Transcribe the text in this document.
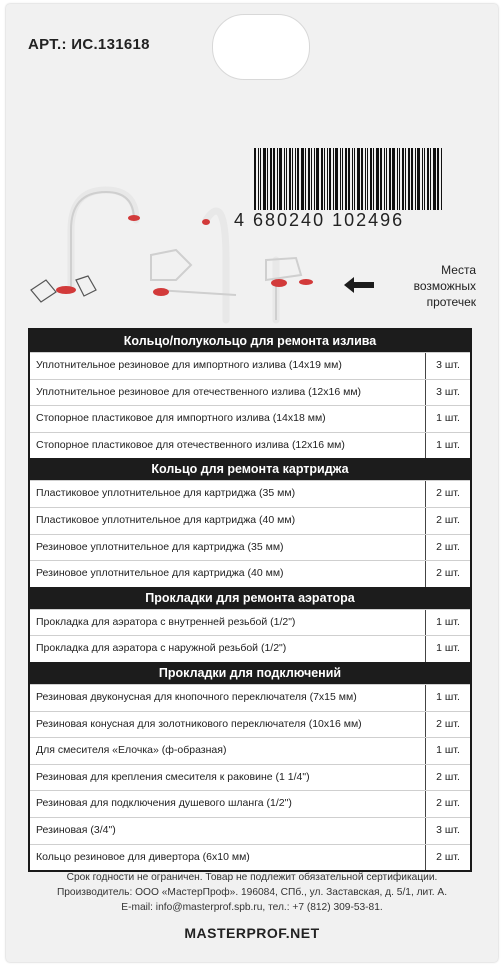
АРТ.: ИС.131618
4 680240 102496
Места
возможных
протечек
Кольцо/полукольцо для ремонта излива
Уплотнительное резиновое для импортного излива (14x19 мм)	3 шт.
Уплотнительное резиновое для отечественного излива (12x16 мм)	3 шт.
Стопорное пластиковое для импортного излива (14x18 мм)	1 шт.
Стопорное пластиковое для отечественного излива (12x16 мм)	1 шт.
Кольцо для ремонта картриджа
Пластиковое уплотнительное для картриджа (35 мм)	2 шт.
Пластиковое уплотнительное для картриджа (40 мм)	2 шт.
Резиновое уплотнительное для картриджа (35 мм)	2 шт.
Резиновое уплотнительное для картриджа (40 мм)	2 шт.
Прокладки для ремонта аэратора
Прокладка для аэратора с внутренней резьбой (1/2")	1 шт.
Прокладка для аэратора с наружной резьбой (1/2")	1 шт.
Прокладки для подключений
Резиновая двуконусная для кнопочного переключателя (7x15 мм)	1 шт.
Резиновая конусная для золотникового переключателя (10x16 мм)	2 шт.
Для смесителя «Елочка» (ф-образная)	1 шт.
Резиновая для крепления смесителя к раковине (1 1/4")	2 шт.
Резиновая для подключения душевого шланга (1/2")	2 шт.
Резиновая (3/4")	3 шт.
Кольцо резиновое для дивертора (6x10 мм)	2 шт.
Срок годности не ограничен. Товар не подлежит обязательной сертификации.
Производитель: ООО «МастерПроф». 196084, СПб., ул. Заставская, д. 5/1, лит. А.
E-mail: info@masterprof.spb.ru, тел.: +7 (812) 309-53-81.
MASTERPROF.NET
